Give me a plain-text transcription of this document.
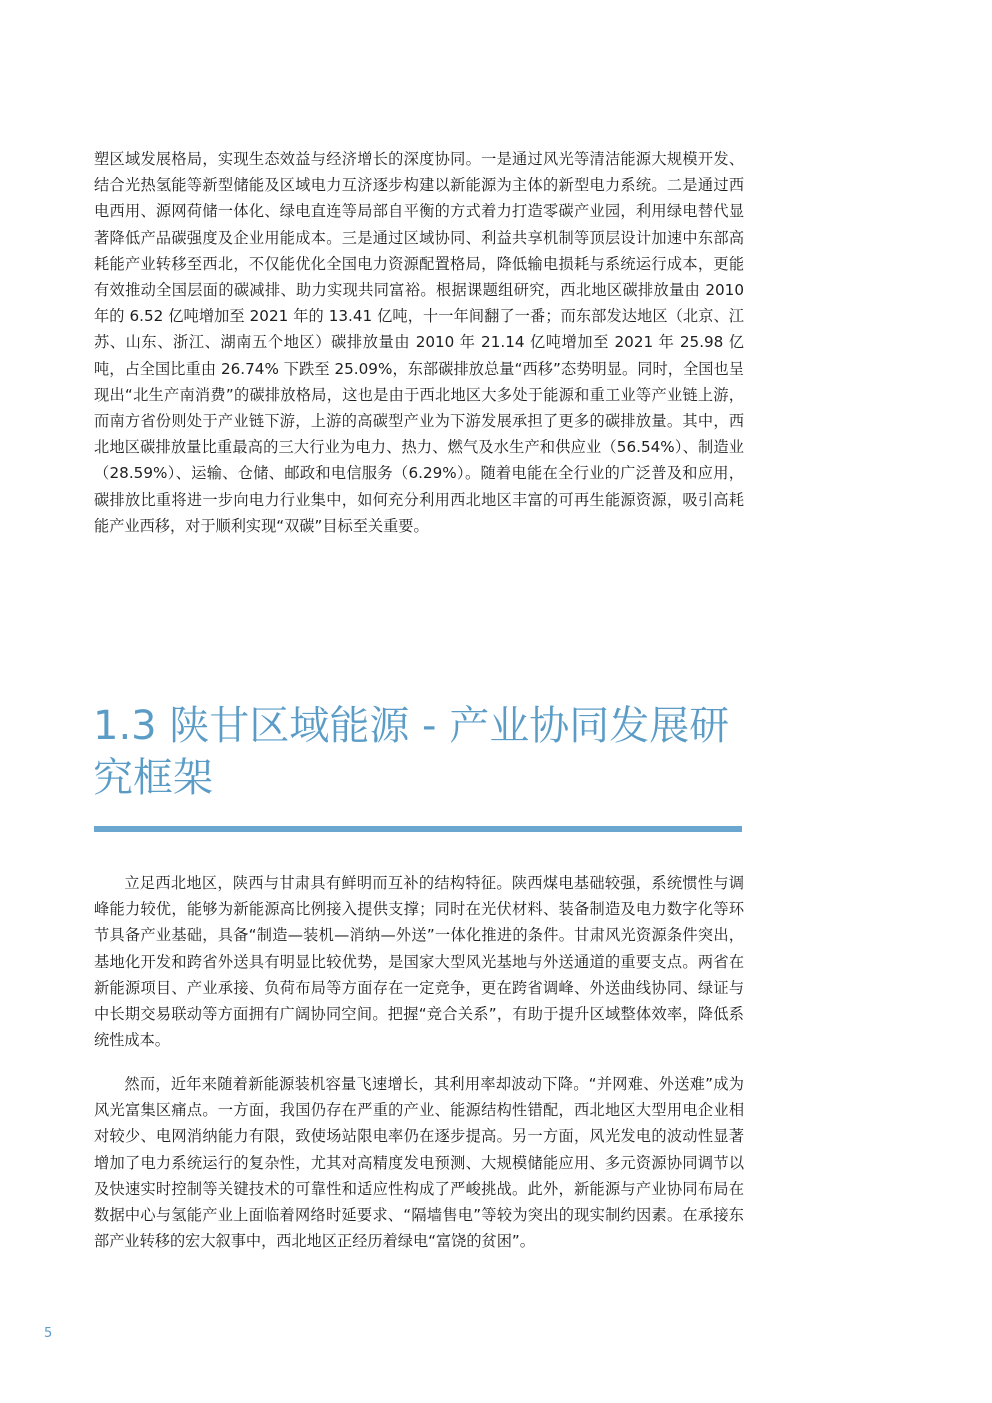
塑区域发展格局，实现生态效益与经济增长的深度协同。一是通过风光等清洁能源大规模开发、结合光热氢能等新型储能及区域电力互济逐步构建以新能源为主体的新型电力系统。二是通过西电西用、源网荷储一体化、绿电直连等局部自平衡的方式着力打造零碳产业园，利用绿电替代显著降低产品碳强度及企业用能成本。三是通过区域协同、利益共享机制等顶层设计加速中东部高耗能产业转移至西北，不仅能优化全国电力资源配置格局，降低输电损耗与系统运行成本，更能有效推动全国层面的碳减排、助力实现共同富裕。根据课题组研究，西北地区碳排放量由 2010 年的 6.52 亿吨增加至 2021 年的 13.41 亿吨，十一年间翻了一番；而东部发达地区（北京、江苏、山东、浙江、湖南五个地区）碳排放量由 2010 年 21.14 亿吨增加至 2021 年 25.98 亿吨，占全国比重由 26.74% 下跌至 25.09%，东部碳排放总量“西移”态势明显。同时，全国也呈现出“北生产南消费”的碳排放格局，这也是由于西北地区大多处于能源和重工业等产业链上游，而南方省份则处于产业链下游，上游的高碳型产业为下游发展承担了更多的碳排放量。其中，西北地区碳排放量比重最高的三大行业为电力、热力、燃气及水生产和供应业（56.54%）、制造业（28.59%）、运输、仓储、邮政和电信服务（6.29%）。随着电能在全行业的广泛普及和应用，碳排放比重将进一步向电力行业集中，如何充分利用西北地区丰富的可再生能源资源，吸引高耗能产业西移，对于顺利实现“双碳”目标至关重要。

1.3 陕甘区域能源 - 产业协同发展研究框架

立足西北地区，陕西与甘肃具有鲜明而互补的结构特征。陕西煤电基础较强，系统惯性与调峰能力较优，能够为新能源高比例接入提供支撑；同时在光伏材料、装备制造及电力数字化等环节具备产业基础，具备“制造—装机—消纳—外送”一体化推进的条件。甘肃风光资源条件突出，基地化开发和跨省外送具有明显比较优势，是国家大型风光基地与外送通道的重要支点。两省在新能源项目、产业承接、负荷布局等方面存在一定竞争，更在跨省调峰、外送曲线协同、绿证与中长期交易联动等方面拥有广阔协同空间。把握“竞合关系”，有助于提升区域整体效率，降低系统性成本。

然而，近年来随着新能源装机容量飞速增长，其利用率却波动下降。“并网难、外送难”成为风光富集区痛点。一方面，我国仍存在严重的产业、能源结构性错配，西北地区大型用电企业相对较少、电网消纳能力有限，致使场站限电率仍在逐步提高。另一方面，风光发电的波动性显著增加了电力系统运行的复杂性，尤其对高精度发电预测、大规模储能应用、多元资源协同调节以及快速实时控制等关键技术的可靠性和适应性构成了严峻挑战。此外，新能源与产业协同布局在数据中心与氢能产业上面临着网络时延要求、“隔墙售电”等较为突出的现实制约因素。在承接东部产业转移的宏大叙事中，西北地区正经历着绿电“富饶的贫困”。

5
